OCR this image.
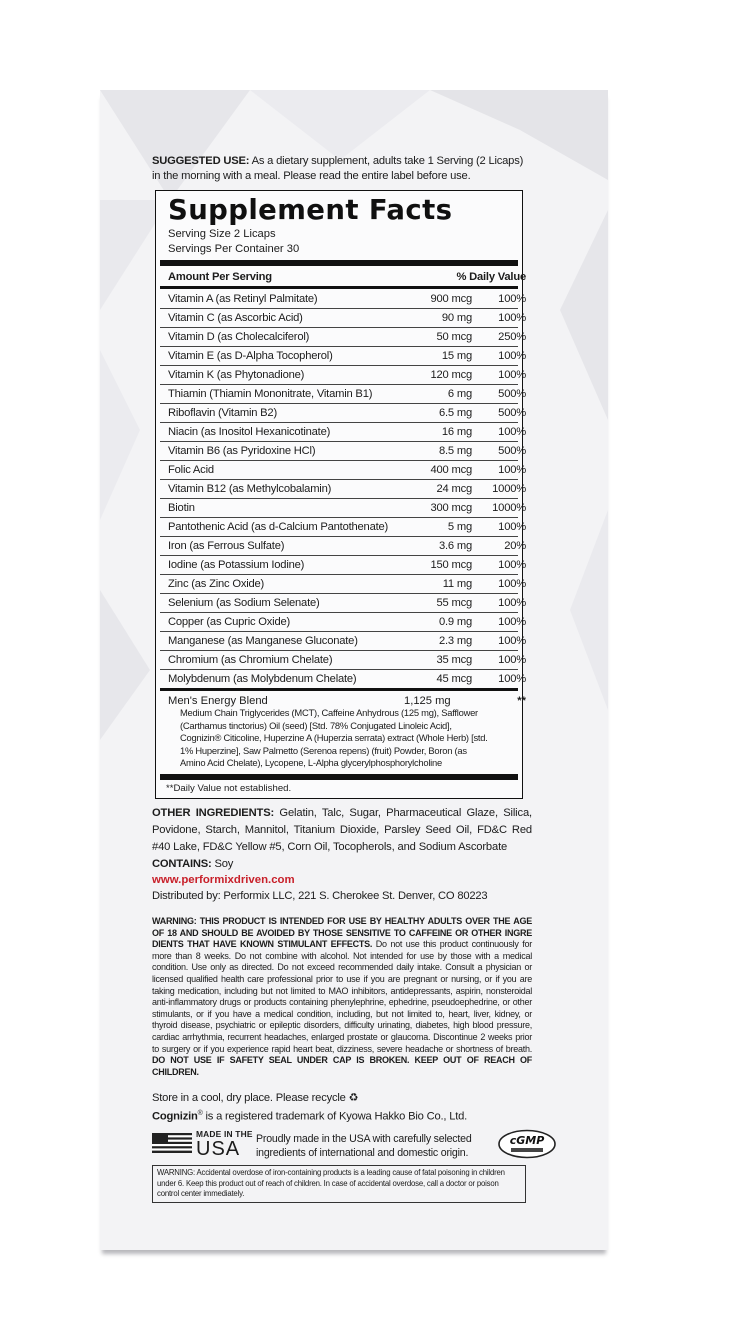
SUGGESTED USE: As a dietary supplement, adults take 1 Serving (2 Licaps) in the morning with a meal. Please read the entire label before use.

Supplement Facts
Serving Size 2 Licaps
Servings Per Container 30
Amount Per Serving	% Daily Value
Vitamin A (as Retinyl Palmitate)	900 mcg	100%
Vitamin C (as Ascorbic Acid)	90 mg	100%
Vitamin D (as Cholecalciferol)	50 mcg	250%
Vitamin E (as D-Alpha Tocopherol)	15 mg	100%
Vitamin K (as Phytonadione)	120 mcg	100%
Thiamin (Thiamin Mononitrate, Vitamin B1)	6 mg	500%
Riboflavin (Vitamin B2)	6.5 mg	500%
Niacin (as Inositol Hexanicotinate)	16 mg	100%
Vitamin B6 (as Pyridoxine HCl)	8.5 mg	500%
Folic Acid	400 mcg	100%
Vitamin B12 (as Methylcobalamin)	24 mcg	1000%
Biotin	300 mcg	1000%
Pantothenic Acid (as d-Calcium Pantothenate)	5 mg	100%
Iron (as Ferrous Sulfate)	3.6 mg	20%
Iodine (as Potassium Iodine)	150 mcg	100%
Zinc (as Zinc Oxide)	11 mg	100%
Selenium (as Sodium Selenate)	55 mcg	100%
Copper (as Cupric Oxide)	0.9 mg	100%
Manganese (as Manganese Gluconate)	2.3 mg	100%
Chromium (as Chromium Chelate)	35 mcg	100%
Molybdenum (as Molybdenum Chelate)	45 mcg	100%
Men's Energy Blend	1,125 mg	**
Medium Chain Triglycerides (MCT), Caffeine Anhydrous (125 mg), Safflower (Carthamus tinctorius) Oil (seed) [Std. 78% Conjugated Linoleic Acid], Cognizin® Citicoline, Huperzine A (Huperzia serrata) extract (Whole Herb) [std. 1% Huperzine], Saw Palmetto (Serenoa repens) (fruit) Powder, Boron (as Amino Acid Chelate), Lycopene, L-Alpha glycerylphosphorylcholine
**Daily Value not established.

OTHER INGREDIENTS: Gelatin, Talc, Sugar, Pharmaceutical Glaze, Silica, Povidone, Starch, Mannitol, Titanium Dioxide, Parsley Seed Oil, FD&C Red #40 Lake, FD&C Yellow #5, Corn Oil, Tocopherols, and Sodium Ascorbate

CONTAINS: Soy

www.performixdriven.com
Distributed by: Performix LLC, 221 S. Cherokee St. Denver, CO 80223

WARNING: THIS PRODUCT IS INTENDED FOR USE BY HEALTHY ADULTS OVER THE AGE OF 18 AND SHOULD BE AVOIDED BY THOSE SENSITIVE TO CAFFEINE OR OTHER INGRE DIENTS THAT HAVE KNOWN STIMULANT EFFECTS. Do not use this product continuously for more than 8 weeks. Do not combine with alcohol. Not intended for use by those with a medical condition. Use only as directed. Do not exceed recommended daily intake. Consult a physician or licensed qualified health care professional prior to use if you are pregnant or nursing, or if you are taking medication, including but not limited to MAO inhibitors, antidepressants, aspirin, nonsteroidal anti-inflammatory drugs or products containing phenylephrine, ephedrine, pseudoephedrine, or other stimulants, or if you have a medical condition, including, but not limited to, heart, liver, kidney, or thyroid disease, psychiatric or epileptic disorders, difficulty urinating, diabetes, high blood pressure, cardiac arrhythmia, recurrent headaches, enlarged prostate or glaucoma. Discontinue 2 weeks prior to surgery or if you experience rapid heart beat, dizziness, severe headache or shortness of breath. DO NOT USE IF SAFETY SEAL UNDER CAP IS BROKEN. KEEP OUT OF REACH OF CHILDREN.

Store in a cool, dry place. Please recycle ♻

Cognizin® is a registered trademark of Kyowa Hakko Bio Co., Ltd.

MADE IN THE
USA	Proudly made in the USA with carefully selected
ingredients of international and domestic origin.
cGMP
WARNING: Accidental overdose of iron-containing products is a leading cause of fatal poisoning in children under 6. Keep this product out of reach of children. In case of accidental overdose, call a doctor or poison control center immediately.
